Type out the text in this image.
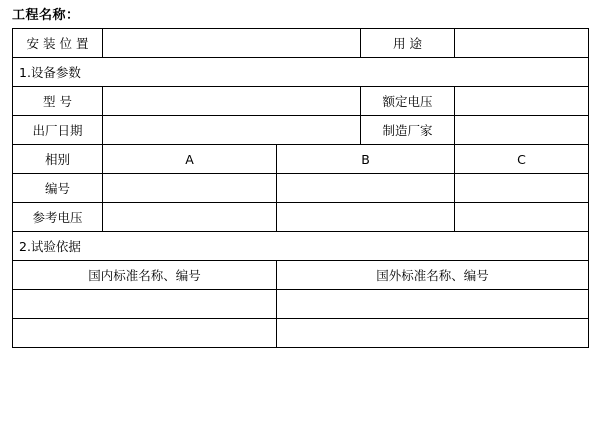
工程名称：
安 装 位 置			用 途	
1.设备参数				
型 号			额定电压	
出厂日期			制造厂家	
相别	A	B		C
编号				
参考电压				
2.试验依据				
国内标准名称、编号		国外标准名称、编号		
